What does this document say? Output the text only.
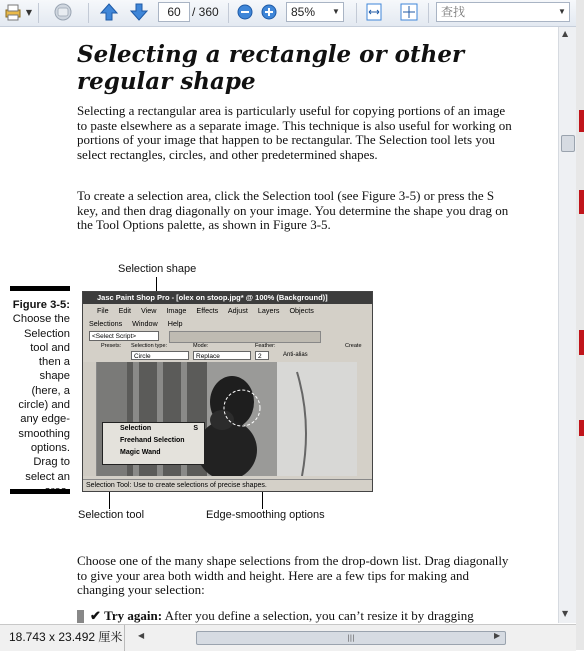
▼	60 / 360	85%	▼	查找	▼
Selecting a rectangle or other regular shape

Selecting a rectangular area is particularly useful for copying portions of an image to paste elsewhere as a separate image. This technique is also useful for working on portions of your image that happen to be rectangular. The Selection tool lets you select rectangles, circles, and other predetermined shapes.

To create a selection area, click the Selection tool (see Figure 3-5) or press the S key, and then drag diagonally on your image. You determine the shape you drag on the Tool Options palette, as shown in Figure 3-5.

Figure 3-5:
Choose the Selection tool and then a shape (here, a circle) and any edge-smoothing options. Drag to select an
Selection shape
Selection tool	Edge-smoothing options
Jasc Paint Shop Pro - [olex on stoop.jpg* @ 100% (Background)]
File Edit View Image Effects Adjust Layers Objects
Selections Window Help
<Select Script>
Presets: Selection type:	Mode:	Feather:	Create
Circle	Replace	2	Anti-alias
Selection	S
Freehand Selection
Magic Wand
Selection Tool: Use to create selections of precise shapes.

Choose one of the many shape selections from the drop-down list. Drag diagonally to give your area both width and height. Here are a few tips for making and changing your selection:

✔ Try again: After you define a selection, you can’t resize it by dragging

▲
▼
18.743 x 23.492 厘米	◀	|||	▶
